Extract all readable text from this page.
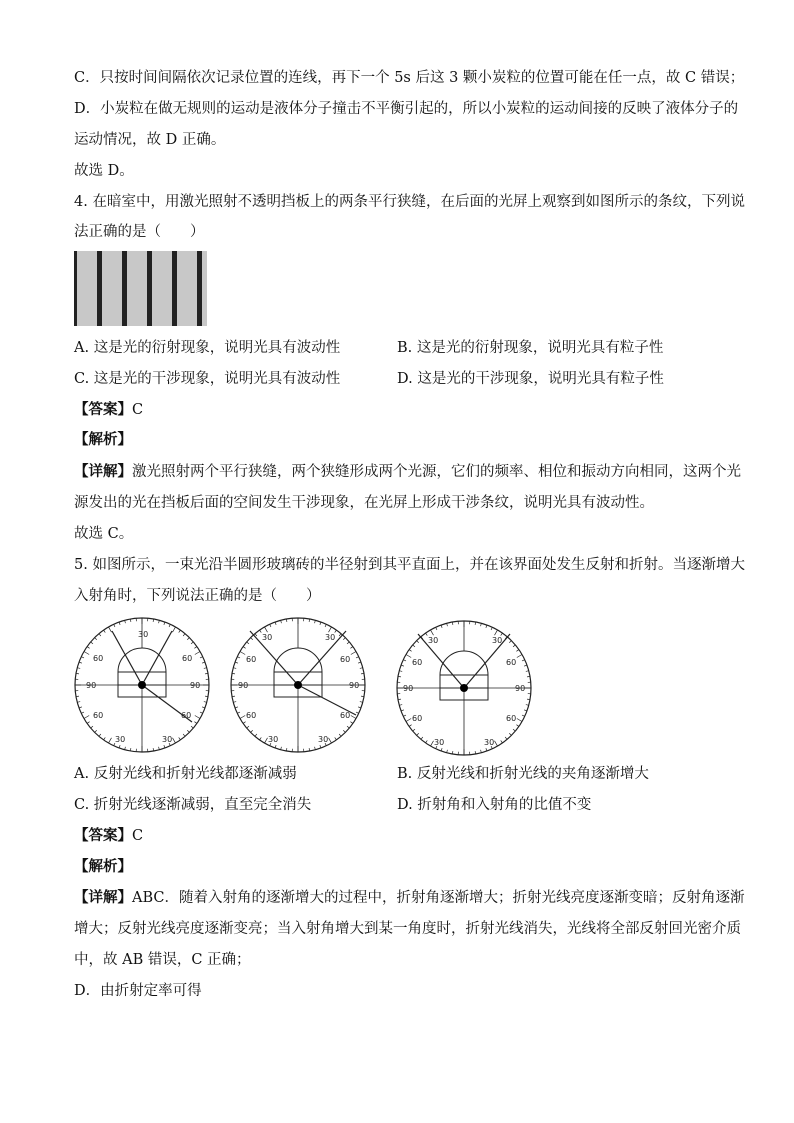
C．只按时间间隔依次记录位置的连线，再下一个 5s 后这 3 颗小炭粒的位置可能在任一点，故 C 错误；
D．小炭粒在做无规则的运动是液体分子撞击不平衡引起的，所以小炭粒的运动间接的反映了液体分子的
运动情况，故 D 正确。
故选 D。
4. 在暗室中，用激光照射不透明挡板上的两条平行狭缝，在后面的光屏上观察到如图所示的条纹，下列说
法正确的是（　　）
A. 这是光的衍射现象，说明光具有波动性	B. 这是光的衍射现象，说明光具有粒子性
C. 这是光的干涉现象，说明光具有波动性	D. 这是光的干涉现象，说明光具有粒子性
【答案】C
【解析】
【详解】激光照射两个平行狭缝，两个狭缝形成两个光源，它们的频率、相位和振动方向相同，这两个光
源发出的光在挡板后面的空间发生干涉现象，在光屏上形成干涉条纹，说明光具有波动性。
故选 C。
5. 如图所示，一束光沿半圆形玻璃砖的半径射到其平直面上，并在该界面处发生反射和折射。当逐渐增大
入射角时，下列说法正确的是（　　）
30
60	60
90	90
60	60
30	30
30	30
60	60
90	90
60	60
30	30
30	30
60	60
90	90
60	60
30	30
A. 反射光线和折射光线都逐渐减弱	B. 反射光线和折射光线的夹角逐渐增大
C. 折射光线逐渐减弱，直至完全消失	D. 折射角和入射角的比值不变
【答案】C
【解析】
【详解】ABC．随着入射角的逐渐增大的过程中，折射角逐渐增大；折射光线亮度逐渐变暗；反射角逐渐
增大；反射光线亮度逐渐变亮；当入射角增大到某一角度时，折射光线消失，光线将全部反射回光密介质
中，故 AB 错误，C 正确；
D．由折射定率可得
